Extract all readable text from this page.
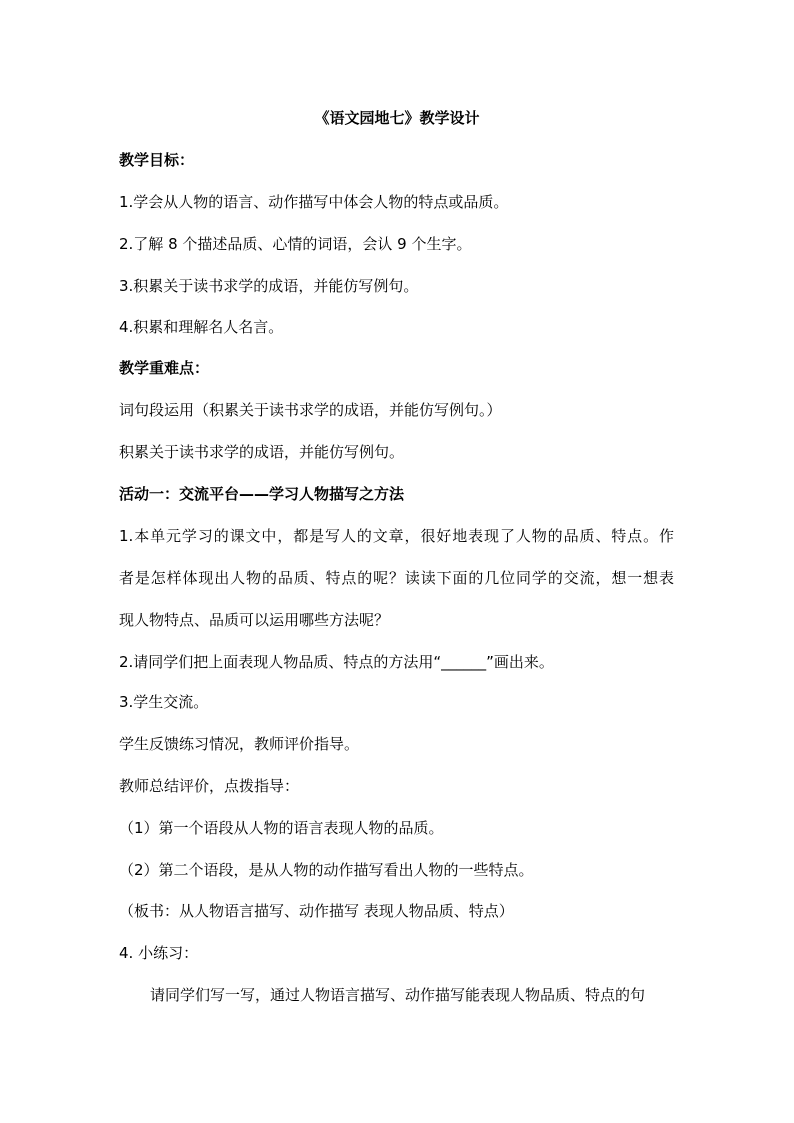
《语文园地七》教学设计
教学目标：
1.学会从人物的语言、动作描写中体会人物的特点或品质。
2.了解 8 个描述品质、心情的词语，会认 9 个生字。
3.积累关于读书求学的成语，并能仿写例句。
4.积累和理解名人名言。
教学重难点：
词句段运用（积累关于读书求学的成语，并能仿写例句。）
积累关于读书求学的成语，并能仿写例句。
活动一：交流平台——学习人物描写之方法
1.本单元学习的课文中，都是写人的文章，很好地表现了人物的品质、特点。作
者是怎样体现出人物的品质、特点的呢？读读下面的几位同学的交流，想一想表
现人物特点、品质可以运用哪些方法呢？
2.请同学们把上面表现人物品质、特点的方法用“______”画出来。
3.学生交流。
学生反馈练习情况，教师评价指导。
教师总结评价，点拨指导：
（1）第一个语段从人物的语言表现人物的品质。
（2）第二个语段，是从人物的动作描写看出人物的一些特点。
（板书：从人物语言描写、动作描写 表现人物品质、特点）
4. 小练习：
请同学们写一写，通过人物语言描写、动作描写能表现人物品质、特点的句
